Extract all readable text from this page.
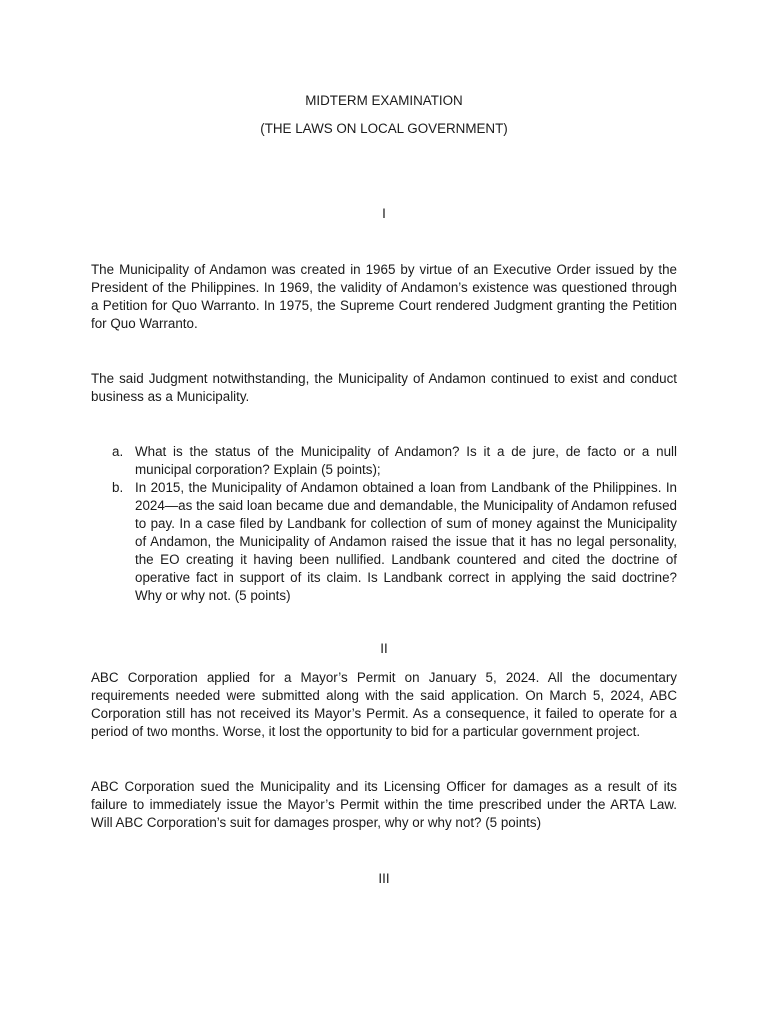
MIDTERM EXAMINATION
(THE LAWS ON LOCAL GOVERNMENT)
I

The Municipality of Andamon was created in 1965 by virtue of an Executive Order issued by the President of the Philippines. In 1969, the validity of Andamon’s existence was questioned through a Petition for Quo Warranto. In 1975, the Supreme Court rendered Judgment granting the Petition for Quo Warranto.

The said Judgment notwithstanding, the Municipality of Andamon continued to exist and conduct business as a Municipality.

a. What is the status of the Municipality of Andamon? Is it a de jure, de facto or a null municipal corporation? Explain (5 points);
b. In 2015, the Municipality of Andamon obtained a loan from Landbank of the Philippines. In 2024—as the said loan became due and demandable, the Municipality of Andamon refused to pay. In a case filed by Landbank for collection of sum of money against the Municipality of Andamon, the Municipality of Andamon raised the issue that it has no legal personality, the EO creating it having been nullified. Landbank countered and cited the doctrine of operative fact in support of its claim. Is Landbank correct in applying the said doctrine? Why or why not. (5 points)
II

ABC Corporation applied for a Mayor’s Permit on January 5, 2024. All the documentary requirements needed were submitted along with the said application. On March 5, 2024, ABC Corporation still has not received its Mayor’s Permit. As a consequence, it failed to operate for a period of two months. Worse, it lost the opportunity to bid for a particular government project.

ABC Corporation sued the Municipality and its Licensing Officer for damages as a result of its failure to immediately issue the Mayor’s Permit within the time prescribed under the ARTA Law. Will ABC Corporation’s suit for damages prosper, why or why not? (5 points)

III
